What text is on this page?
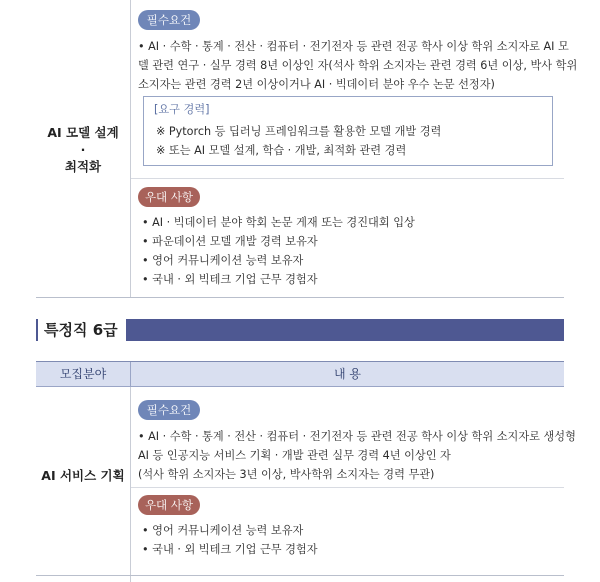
AI 모델 설계
·
최적화
필수요건
• AI · 수학 · 통계 · 전산 · 컴퓨터 · 전기전자 등 관련 전공 학사 이상 학위 소지자로 AI 모
델 관련 연구 · 실무 경력 8년 이상인 자(석사 학위 소지자는 관련 경력 6년 이상, 박사 학위
소지자는 관련 경력 2년 이상이거나 AI · 빅데이터 분야 우수 논문 선정자)
[요구 경력]
※ Pytorch 등 딥러닝 프레임워크를 활용한 모델 개발 경력
※ 또는 AI 모델 설계, 학습 · 개발, 최적화 관련 경력
우대 사항
• AI · 빅데이터 분야 학회 논문 게재 또는 경진대회 입상
• 파운데이션 모델 개발 경력 보유자
• 영어 커뮤니케이션 능력 보유자
• 국내 · 외 빅테크 기업 근무 경험자
특정직 6급
모집분야	내 용
AI 서비스 기획
필수요건
• AI · 수학 · 통계 · 전산 · 컴퓨터 · 전기전자 등 관련 전공 학사 이상 학위 소지자로 생성형
AI 등 인공지능 서비스 기획 · 개발 관련 실무 경력 4년 이상인 자
(석사 학위 소지자는 3년 이상, 박사학위 소지자는 경력 무관)
우대 사항
• 영어 커뮤니케이션 능력 보유자
• 국내 · 외 빅테크 기업 근무 경험자
